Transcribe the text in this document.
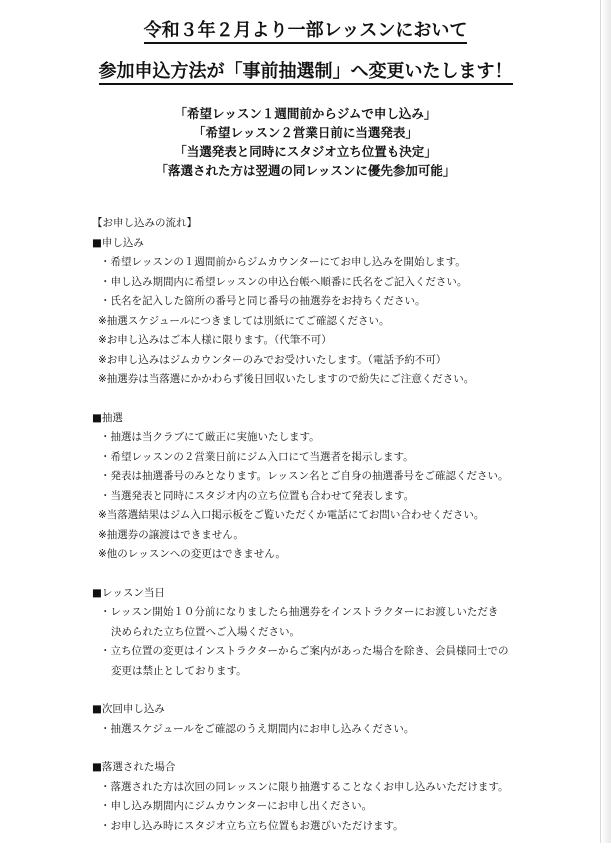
令和３年２月より一部レッスンにおいて
参加申込方法が「事前抽選制」へ変更いたします！
「希望レッスン１週間前からジムで申し込み」
「希望レッスン２営業日前に当選発表」
「当選発表と同時にスタジオ立ち位置も決定」
「落選された方は翌週の同レッスンに優先参加可能」
【お申し込みの流れ】
■申し込み
・希望レッスンの１週間前からジムカウンターにてお申し込みを開始します。
・申し込み期間内に希望レッスンの申込台帳へ順番に氏名をご記入ください。
・氏名を記入した箇所の番号と同じ番号の抽選券をお持ちください。
※抽選スケジュールにつきましては別紙にてご確認ください。
※お申し込みはご本人様に限ります。（代筆不可）
※お申し込みはジムカウンターのみでお受けいたします。（電話予約不可）
※抽選券は当落選にかかわらず後日回収いたしますので紛失にご注意ください。
■抽選
・抽選は当クラブにて厳正に実施いたします。
・希望レッスンの２営業日前にジム入口にて当選者を掲示します。
・発表は抽選番号のみとなります。レッスン名とご自身の抽選番号をご確認ください。
・当選発表と同時にスタジオ内の立ち位置も合わせて発表します。
※当落選結果はジム入口掲示板をご覧いただくか電話にてお問い合わせください。
※抽選券の譲渡はできません。
※他のレッスンへの変更はできません。
■レッスン当日
・レッスン開始１０分前になりましたら抽選券をインストラクターにお渡しいただき
決められた立ち位置へご入場ください。
・立ち位置の変更はインストラクターからご案内があった場合を除き、会員様同士での
変更は禁止としております。
■次回申し込み
・抽選スケジュールをご確認のうえ期間内にお申し込みください。
■落選された場合
・落選された方は次回の同レッスンに限り抽選することなくお申し込みいただけます。
・申し込み期間内にジムカウンターにお申し出ください。
・お申し込み時にスタジオ立ち立ち位置もお選びいただけます。
